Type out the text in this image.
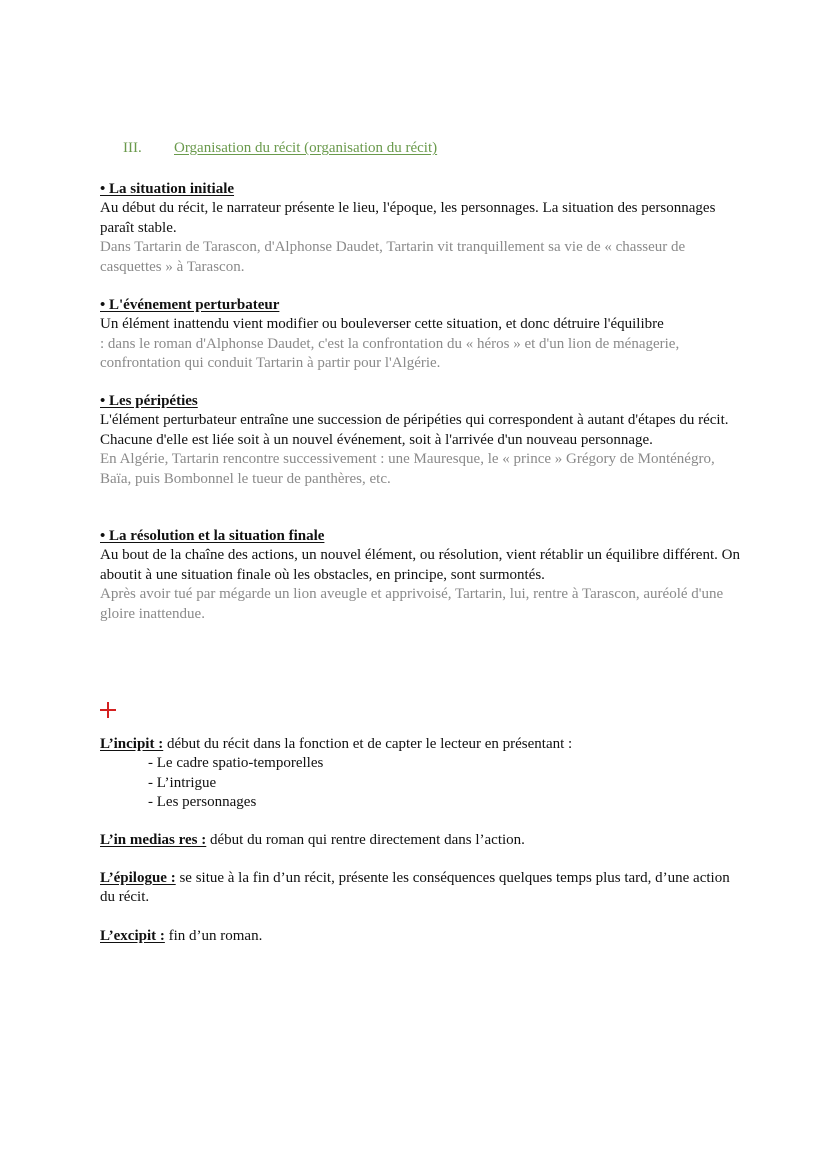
III. Organisation du récit (organisation du récit)
• La situation initiale
Au début du récit, le narrateur présente le lieu, l'époque, les personnages. La situation des personnages paraît stable.
Dans Tartarin de Tarascon, d'Alphonse Daudet, Tartarin vit tranquillement sa vie de « chasseur de casquettes » à Tarascon.
• L'événement perturbateur
Un élément inattendu vient modifier ou bouleverser cette situation, et donc détruire l'équilibre
: dans le roman d'Alphonse Daudet, c'est la confrontation du « héros » et d'un lion de ménagerie, confrontation qui conduit Tartarin à partir pour l'Algérie.
• Les péripéties
L'élément perturbateur entraîne une succession de péripéties qui correspondent à autant d'étapes du récit.
Chacune d'elle est liée soit à un nouvel événement, soit à l'arrivée d'un nouveau personnage.
En Algérie, Tartarin rencontre successivement : une Mauresque, le « prince » Grégory de Monténégro, Baïa, puis Bombonnel le tueur de panthères, etc.
• La résolution et la situation finale
Au bout de la chaîne des actions, un nouvel élément, ou résolution, vient rétablir un équilibre différent. On aboutit à une situation finale où les obstacles, en principe, sont surmontés.
Après avoir tué par mégarde un lion aveugle et apprivoisé, Tartarin, lui, rentre à Tarascon, auréolé d'une gloire inattendue.
L’incipit : début du récit dans la fonction et de capter le lecteur en présentant :
- Le cadre spatio-temporelles
- L’intrigue
- Les personnages
L’in medias res : début du roman qui rentre directement dans l’action.
L’épilogue : se situe à la fin d’un récit, présente les conséquences quelques temps plus tard, d’une action du récit.
L’excipit : fin d’un roman.
